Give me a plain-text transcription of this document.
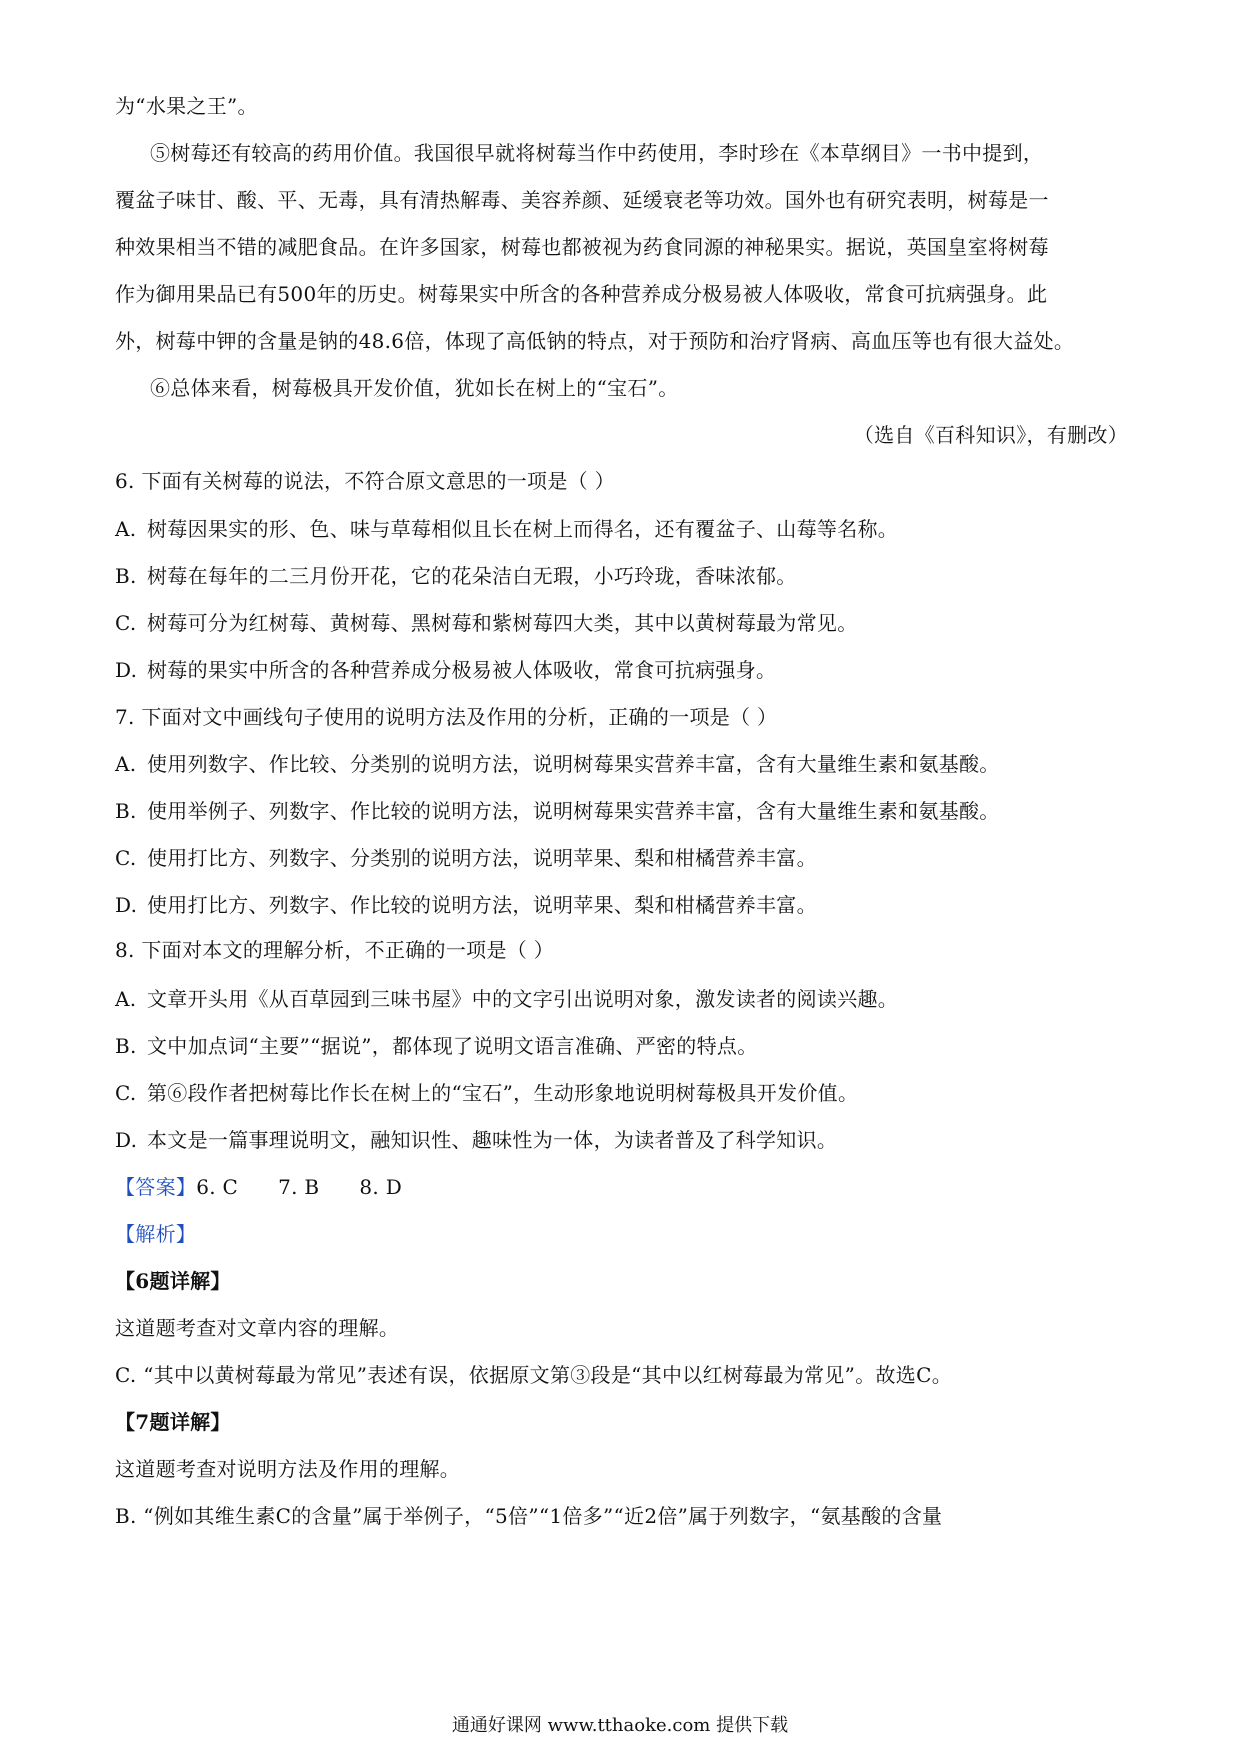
为“水果之王”。
⑤树莓还有较高的药用价值。我国很早就将树莓当作中药使用，李时珍在《本草纲目》一书中提到，
覆盆子味甘、酸、平、无毒，具有清热解毒、美容养颜、延缓衰老等功效。国外也有研究表明，树莓是一
种效果相当不错的减肥食品。在许多国家，树莓也都被视为药食同源的神秘果实。据说，英国皇室将树莓
作为御用果品已有500年的历史。树莓果实中所含的各种营养成分极易被人体吸收，常食可抗病强身。此
外，树莓中钾的含量是钠的48.6倍，体现了高低钠的特点，对于预防和治疗肾病、高血压等也有很大益处。
⑥总体来看，树莓极具开发价值，犹如长在树上的“宝石”。
（选自《百科知识》，有删改）
6. 下面有关树莓的说法，不符合原文意思的一项是（ ）
A. 树莓因果实的形、色、味与草莓相似且长在树上而得名，还有覆盆子、山莓等名称。
B. 树莓在每年的二三月份开花，它的花朵洁白无瑕，小巧玲珑，香味浓郁。
C. 树莓可分为红树莓、黄树莓、黑树莓和紫树莓四大类，其中以黄树莓最为常见。
D. 树莓的果实中所含的各种营养成分极易被人体吸收，常食可抗病强身。
7. 下面对文中画线句子使用的说明方法及作用的分析，正确的一项是（ ）
A. 使用列数字、作比较、分类别的说明方法，说明树莓果实营养丰富，含有大量维生素和氨基酸。
B. 使用举例子、列数字、作比较的说明方法，说明树莓果实营养丰富，含有大量维生素和氨基酸。
C. 使用打比方、列数字、分类别的说明方法，说明苹果、梨和柑橘营养丰富。
D. 使用打比方、列数字、作比较的说明方法，说明苹果、梨和柑橘营养丰富。
8. 下面对本文的理解分析，不正确的一项是（ ）
A. 文章开头用《从百草园到三味书屋》中的文字引出说明对象，激发读者的阅读兴趣。
B. 文中加点词“主要”“据说”，都体现了说明文语言准确、严密的特点。
C. 第⑥段作者把树莓比作长在树上的“宝石”，生动形象地说明树莓极具开发价值。
D. 本文是一篇事理说明文，融知识性、趣味性为一体，为读者普及了科学知识。
【答案】6. C      7. B      8. D
【解析】
【6题详解】
这道题考查对文章内容的理解。
C. “其中以黄树莓最为常见”表述有误，依据原文第③段是“其中以红树莓最为常见”。故选C。
【7题详解】
这道题考查对说明方法及作用的理解。
B. “例如其维生素C的含量”属于举例子，“5倍”“1倍多”“近2倍”属于列数字，“氨基酸的含量
通通好课网 www.tthaoke.com 提供下载
